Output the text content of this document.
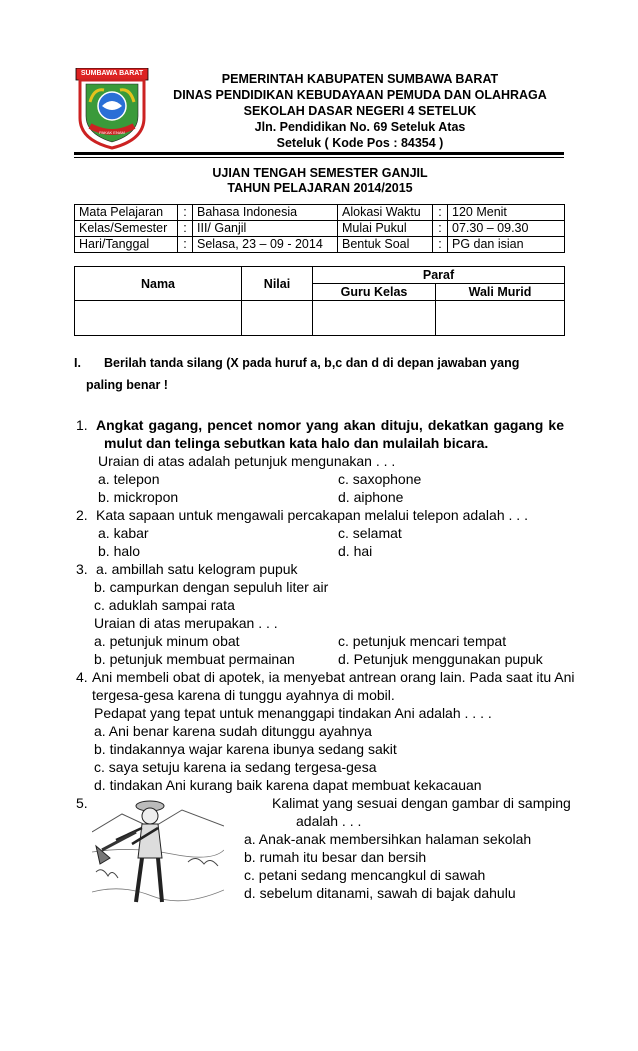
SUMBAWA BARAT
PAKAK ENAM
PEMERINTAH KABUPATEN SUMBAWA BARAT
DINAS PENDIDIKAN KEBUDAYAAN PEMUDA DAN OLAHRAGA
SEKOLAH DASAR NEGERI 4 SETELUK
Jln. Pendidikan No. 69 Seteluk Atas
Seteluk ( Kode Pos : 84354 )
UJIAN TENGAH SEMESTER GANJIL
TAHUN PELAJARAN 2014/2015
Mata Pelajaran	:	Bahasa Indonesia	Alokasi Waktu	:	120 Menit
Kelas/Semester	:	III/ Ganjil	Mulai Pukul	:	07.30 – 09.30
Hari/Tanggal	:	Selasa, 23 – 09 - 2014	Bentuk Soal	:	PG dan isian
Nama	Nilai	Paraf	
		Guru Kelas	Wali Murid

I. Berilah tanda silang (X pada huruf a, b,c dan d di depan jawaban yang
paling benar !
1. Angkat gagang, pencet nomor yang akan dituju, dekatkan gagang ke
mulut dan telinga sebutkan kata halo dan mulailah bicara.
Uraian di atas adalah petunjuk mengunakan . . .
a. telepon	c. saxophone
b. mickropon	d. aiphone
2. Kata sapaan untuk mengawali percakapan melalui telepon adalah . . .
a. kabar	c. selamat
b. halo	d. hai
3. a. ambillah satu kelogram pupuk
b. campurkan dengan sepuluh liter air
c. aduklah sampai rata
Uraian di atas merupakan . . .
a. petunjuk minum obat	c. petunjuk mencari tempat
b. petunjuk membuat permainan	d. Petunjuk menggunakan pupuk
4. Ani membeli obat di apotek, ia menyebat antrean orang lain. Pada saat itu Ani
tergesa-gesa karena di tunggu ayahnya di mobil.
Pedapat yang tepat untuk menanggapi tindakan Ani adalah . . . .
a. Ani benar karena sudah ditunggu ayahnya
b. tindakannya wajar karena ibunya sedang sakit
c. saya setuju karena ia sedang tergesa-gesa
d. tindakan Ani kurang baik karena dapat membuat kekacauan
5.	Kalimat yang sesuai dengan gambar di samping
adalah . . .
a. Anak-anak membersihkan halaman sekolah
b. rumah itu besar dan bersih
c. petani sedang mencangkul di sawah
d. sebelum ditanami, sawah di bajak dahulu
